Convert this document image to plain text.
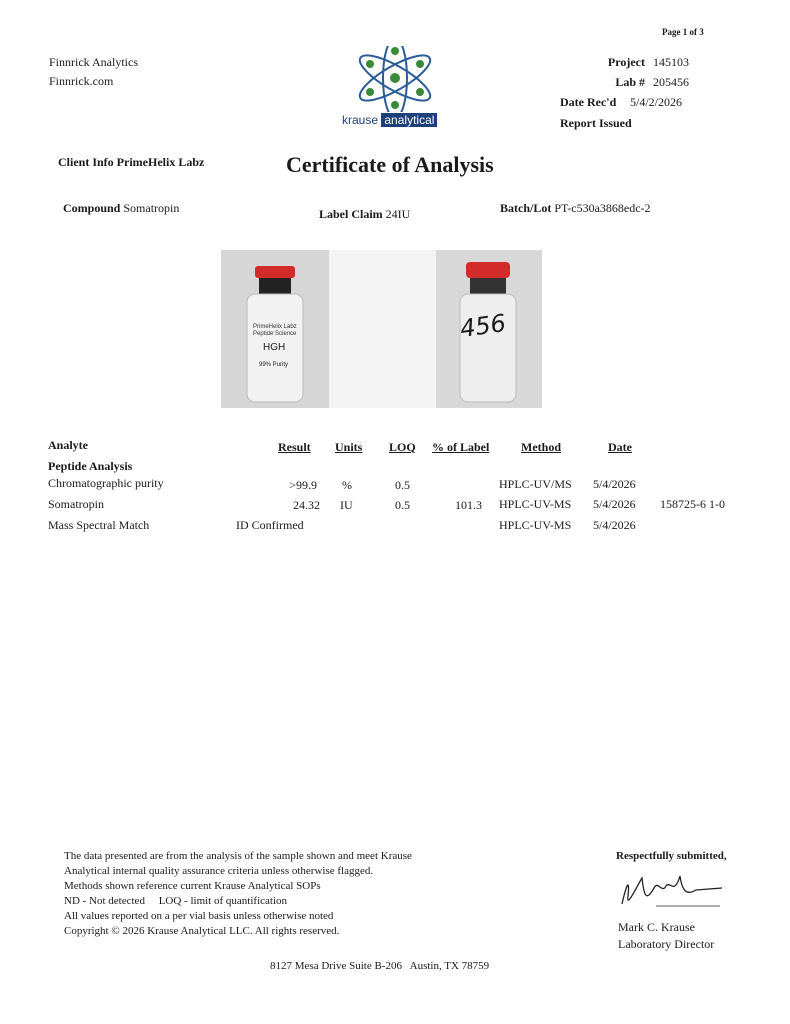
Page 1 of 3
Finnrick Analytics
Finnrick.com
krause analytical
Project 145103
Lab # 205456
Date Rec'd 5/4/2/2026
Report Issued
Client Info PrimeHelix Labz	Certificate of Analysis
Compound Somatropin	Label Claim 24IU	Batch/Lot PT-c530a3868edc-2
PrimeHelix Labz
Peptide Science
HGH
99% Purity
456
Analyte	Result Units LOQ % of Label	Method	Date
Peptide Analysis
Chromatographic purity	>99.9 %	0.5	HPLC-UV/MS 5/4/2026
Somatropin	24.32 IU	0.5	101.3 HPLC-UV-MS 5/4/2026 158725-6 1-0
Mass Spectral Match	ID Confirmed	HPLC-UV-MS 5/4/2026
The data presented are from the analysis of the sample shown and meet Krause
Analytical internal quality assurance criteria unless otherwise flagged.
Methods shown reference current Krause Analytical SOPs
ND - Not detected     LOQ - limit of quantification
All values reported on a per vial basis unless otherwise noted
Copyright © 2026 Krause Analytical LLC. All rights reserved.
Respectfully submitted,
Mark C. Krause
Laboratory Director
8127 Mesa Drive Suite B-206   Austin, TX 78759
